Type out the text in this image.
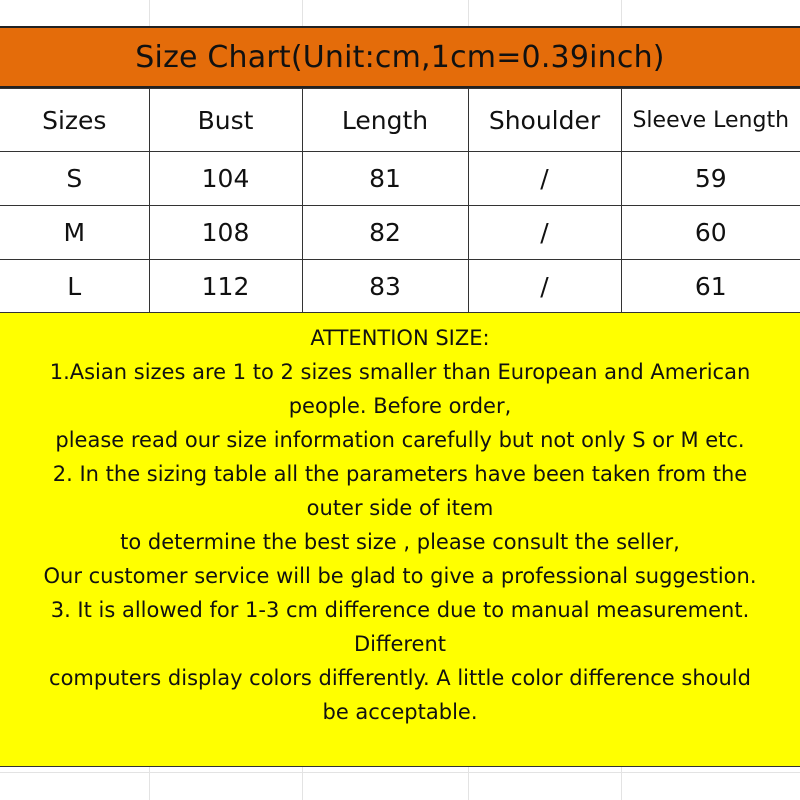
Size Chart(Unit:cm,1cm=0.39inch)
Sizes	Bust	Length	Shoulder	Sleeve Length
S	104	81	/	59
M	108	82	/	60
L	112	83	/	61
ATTENTION SIZE:
1.Asian sizes are 1 to 2 sizes smaller than European and American
people. Before order,
please read our size information carefully but not only S or M etc.
2. In the sizing table all the parameters have been taken from the
outer side of item
to determine the best size , please consult the seller,
Our customer service will be glad to give a professional suggestion.
3. It is allowed for 1-3 cm difference due to manual measurement.
Different
computers display colors differently. A little color difference should
be acceptable.
